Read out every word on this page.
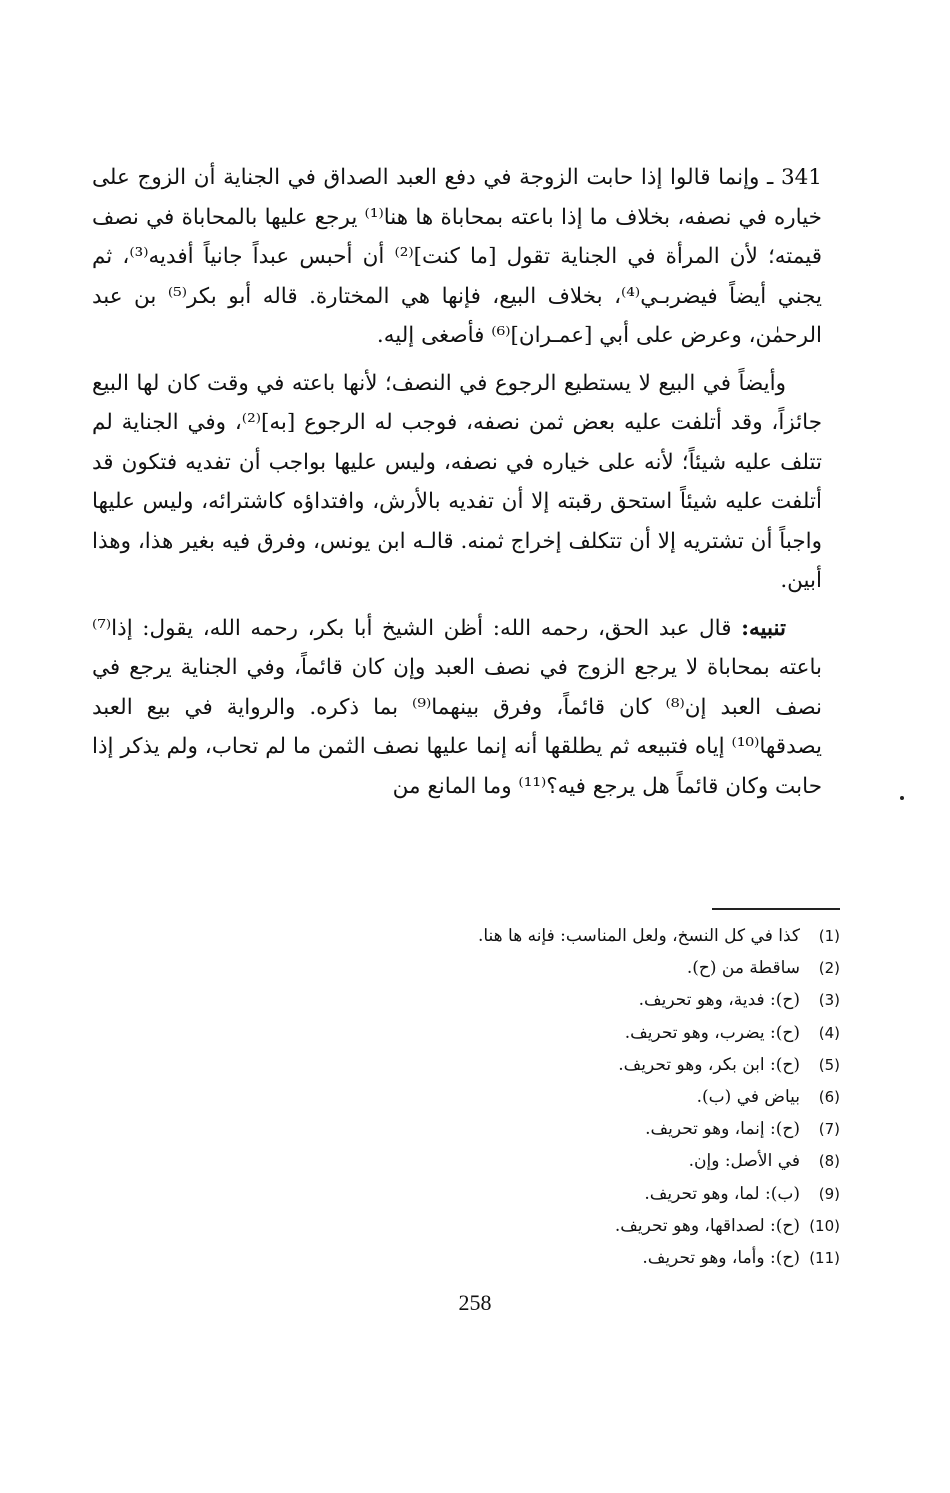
341 ـ وإنما قالوا إذا حابت الزوجة في دفع العبد الصداق في الجناية أن الزوج على خياره في نصفه، بخلاف ما إذا باعته بمحاباة ها هنا⁽¹⁾ يرجع عليها بالمحاباة في نصف قيمته؛ لأن المرأة في الجناية تقول [ما كنت]⁽²⁾ أن أحبس عبداً جانياً أفديه⁽³⁾، ثم يجني أيضاً فيضربـي⁽⁴⁾، بخلاف البيع، فإنها هي المختارة. قاله أبو بكر⁽⁵⁾ بن عبد الرحمٰن، وعرض على أبي [عمـران]⁽⁶⁾ فأصغى إليه.

وأيضاً في البيع لا يستطيع الرجوع في النصف؛ لأنها باعته في وقت كان لها البيع جائزاً، وقد أتلفت عليه بعض ثمن نصفه، فوجب له الرجوع [به]⁽²⁾، وفي الجناية لم تتلف عليه شيئاً؛ لأنه على خياره في نصفه، وليس عليها بواجب أن تفديه فتكون قد أتلفت عليه شيئاً استحق رقبته إلا أن تفديه بالأرش، وافتداؤه كاشترائه، وليس عليها واجباً أن تشتريه إلا أن تتكلف إخراج ثمنه. قالـه ابن يونس، وفرق فيه بغير هذا، وهذا أبين.

تنبيه: قال عبد الحق، رحمه الله: أظن الشيخ أبا بكر، رحمه الله، يقول: إذا⁽⁷⁾ باعته بمحاباة لا يرجع الزوج في نصف العبد وإن كان قائماً، وفي الجناية يرجع في نصف العبد إن⁽⁸⁾ كان قائماً، وفرق بينهما⁽⁹⁾ بما ذكره. والرواية في بيع العبد يصدقها⁽¹⁰⁾ إياه فتبيعه ثم يطلقها أنه إنما عليها نصف الثمن ما لم تحاب، ولم يذكر إذا حابت وكان قائماً هل يرجع فيه؟⁽¹¹⁾ وما المانع من

(1)كذا في كل النسخ، ولعل المناسب: فإنه ها هنا.
(2)ساقطة من (ح).
(3)(ح): فدية، وهو تحريف.
(4)(ح): يضرب، وهو تحريف.
(5)(ح): ابن بكر، وهو تحريف.
(6)بياض في (ب).
(7)(ح): إنما، وهو تحريف.
(8)في الأصل: وإن.
(9)(ب): لما، وهو تحريف.
(10)(ح): لصداقها، وهو تحريف.
(11)(ح): وأما، وهو تحريف.
258
